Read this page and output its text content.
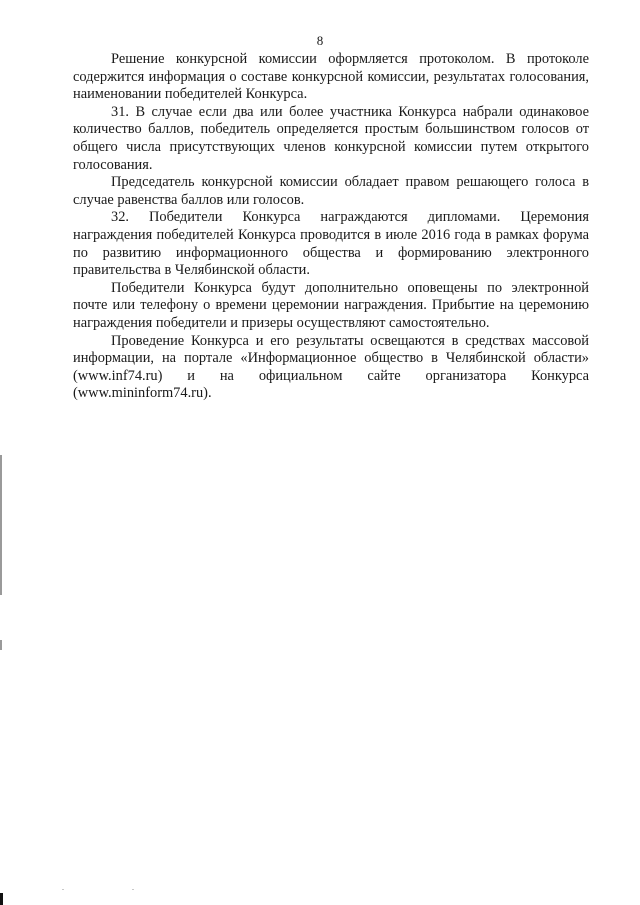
8

Решение конкурсной комиссии оформляется протоколом. В протоколе содержится информация о составе конкурсной комиссии, результатах голосования, наименовании победителей Конкурса.

31. В случае если два или более участника Конкурса набрали одинаковое количество баллов, победитель определяется простым большинством голосов от общего числа присутствующих членов конкурсной комиссии путем открытого голосования.

Председатель конкурсной комиссии обладает правом решающего голоса в случае равенства баллов или голосов.

32. Победители Конкурса награждаются дипломами. Церемония награждения победителей Конкурса проводится в июле 2016 года в рамках форума по развитию информационного общества и формированию электронного правительства в Челябинской области.

Победители Конкурса будут дополнительно оповещены по электронной почте или телефону о времени церемонии награждения. Прибытие на церемонию награждения победители и призеры осуществляют самостоятельно.

Проведение Конкурса и его результаты освещаются в средствах массовой информации, на портале «Информационное общество в Челябинской области» (www.inf74.ru) и на официальном сайте организатора Конкурса (www.mininform74.ru).
